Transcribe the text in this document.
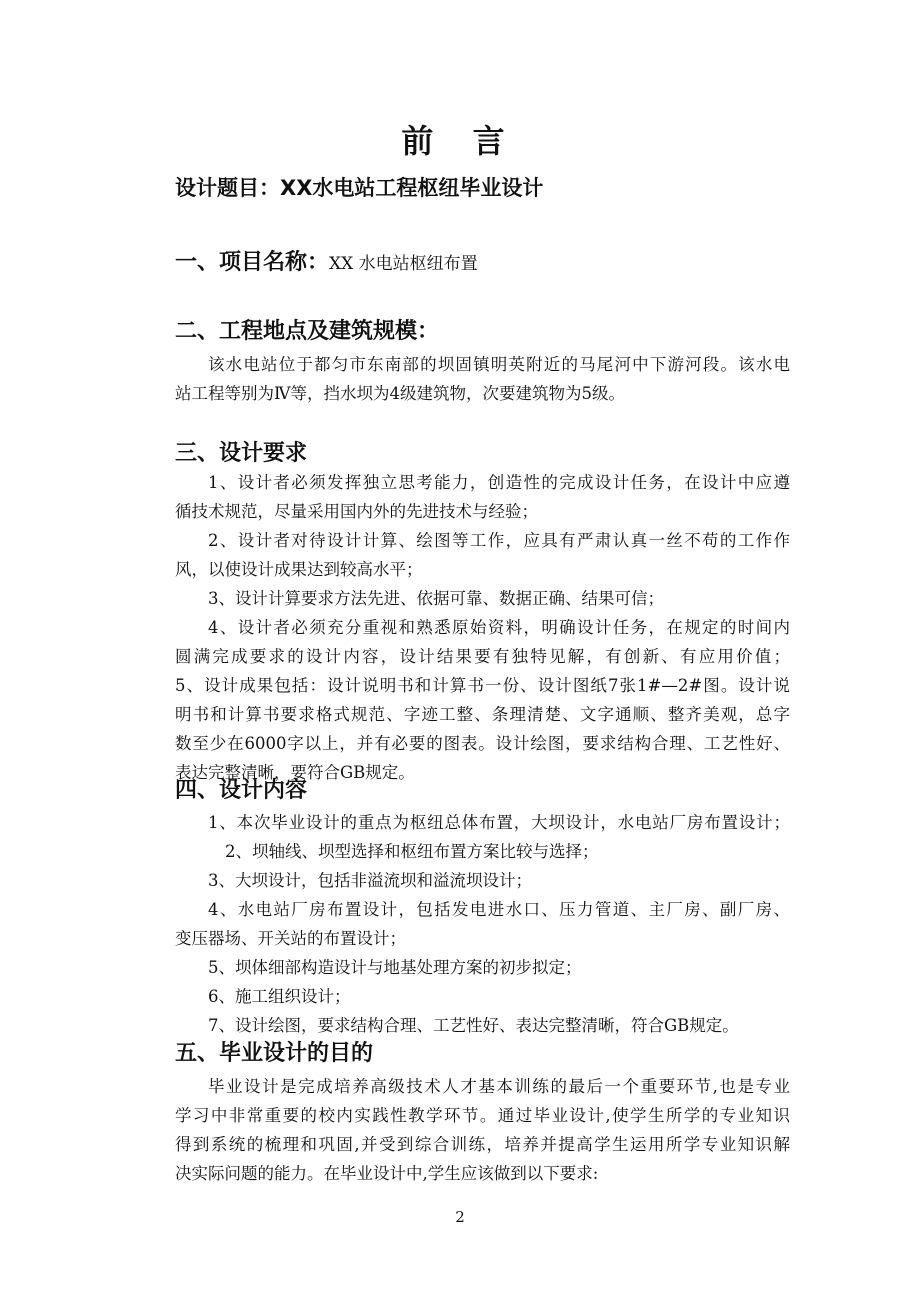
前 言
设计题目：XX水电站工程枢纽毕业设计
一、项目名称：XX 水电站枢纽布置
二、工程地点及建筑规模：
该水电站位于都匀市东南部的坝固镇明英附近的马尾河中下游河段。该水电
站工程等别为Ⅳ等，挡水坝为4级建筑物，次要建筑物为5级。
三、设计要求
1、设计者必须发挥独立思考能力，创造性的完成设计任务，在设计中应遵
循技术规范，尽量采用国内外的先进技术与经验；
2、设计者对待设计计算、绘图等工作，应具有严肃认真一丝不苟的工作作
风，以使设计成果达到较高水平；
3、设计计算要求方法先进、依据可靠、数据正确、结果可信；
4、设计者必须充分重视和熟悉原始资料，明确设计任务，在规定的时间内
圆满完成要求的设计内容，设计结果要有独特见解，有创新、有应用价值；
5、设计成果包括：设计说明书和计算书一份、设计图纸7张1#—2#图。设计说
明书和计算书要求格式规范、字迹工整、条理清楚、文字通顺、整齐美观，总字
数至少在6000字以上，并有必要的图表。设计绘图，要求结构合理、工艺性好、
表达完整清晰，要符合GB规定。
四、设计内容
1、本次毕业设计的重点为枢纽总体布置，大坝设计，水电站厂房布置设计；
2、坝轴线、坝型选择和枢纽布置方案比较与选择；
3、大坝设计，包括非溢流坝和溢流坝设计；
4、水电站厂房布置设计，包括发电进水口、压力管道、主厂房、副厂房、
变压器场、开关站的布置设计；
5、坝体细部构造设计与地基处理方案的初步拟定；
6、施工组织设计；
7、设计绘图，要求结构合理、工艺性好、表达完整清晰，符合GB规定。
五、毕业设计的目的
毕业设计是完成培养高级技术人才基本训练的最后一个重要环节,也是专业
学习中非常重要的校内实践性教学环节。通过毕业设计,使学生所学的专业知识
得到系统的梳理和巩固,并受到综合训练，培养并提高学生运用所学专业知识解
决实际问题的能力。在毕业设计中,学生应该做到以下要求:
2
